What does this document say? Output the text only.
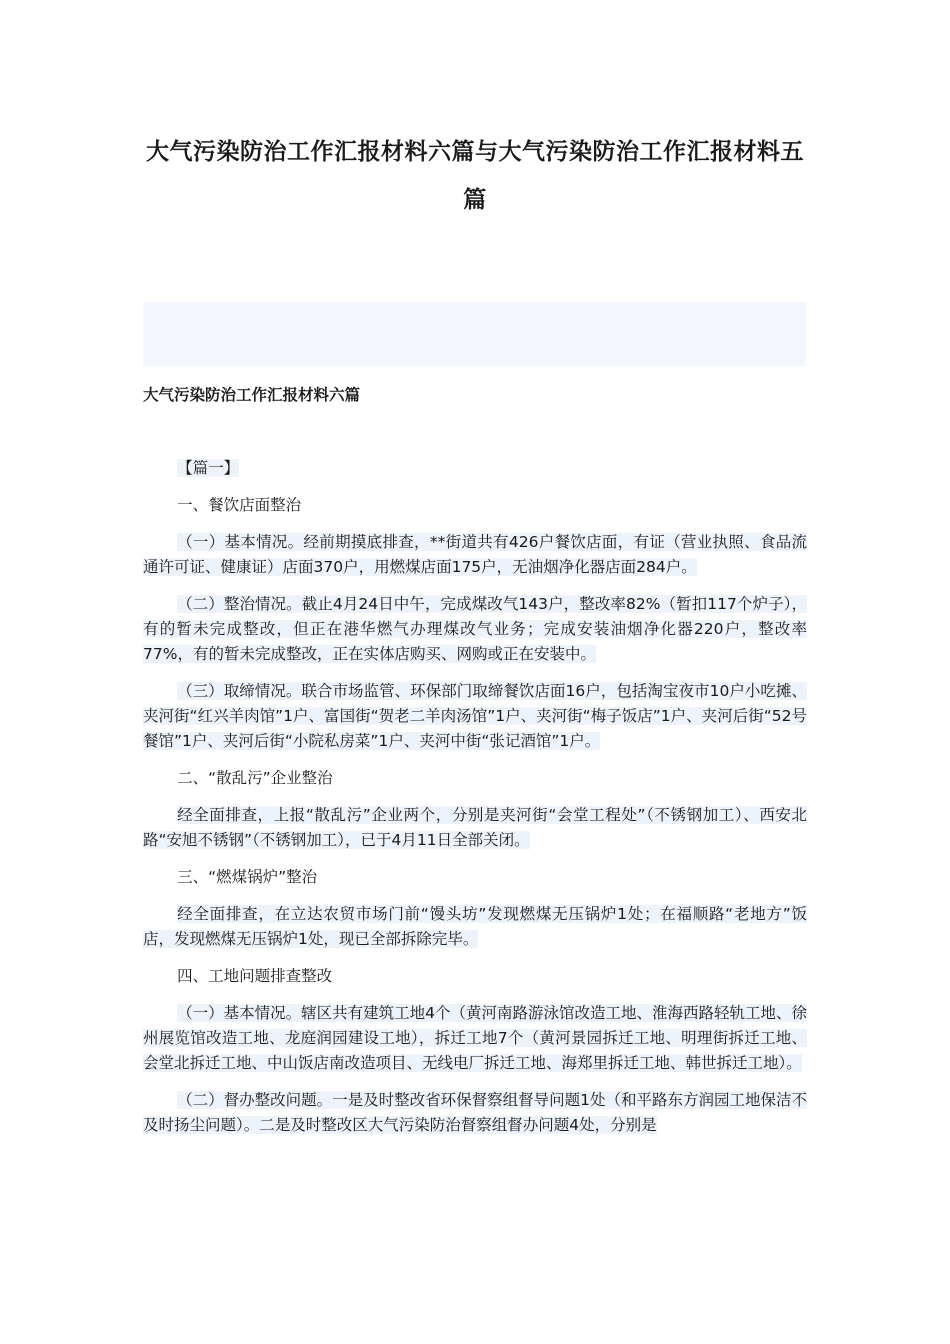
大气污染防治工作汇报材料六篇与大气污染防治工作汇报材料五篇
大气污染防治工作汇报材料六篇

【篇一】

一、餐饮店面整治

（一）基本情况。经前期摸底排查，**街道共有426户餐饮店面，有证（营业执照、食品流通许可证、健康证）店面370户，用燃煤店面175户，无油烟净化器店面284户。

（二）整治情况。截止4月24日中午，完成煤改气143户，整改率82%（暂扣117个炉子），有的暂未完成整改，但正在港华燃气办理煤改气业务；完成安装油烟净化器220户，整改率77%，有的暂未完成整改，正在实体店购买、网购或正在安装中。

（三）取缔情况。联合市场监管、环保部门取缔餐饮店面16户，包括淘宝夜市10户小吃摊、夹河街“红兴羊肉馆”1户、富国街“贺老二羊肉汤馆”1户、夹河街“梅子饭店”1户、夹河后街“52号餐馆”1户、夹河后街“小院私房菜”1户、夹河中街“张记酒馆”1户。

二、“散乱污”企业整治

经全面排查，上报“散乱污”企业两个，分别是夹河街“会堂工程处”（不锈钢加工）、西安北路“安旭不锈钢”（不锈钢加工），已于4月11日全部关闭。

三、“燃煤锅炉”整治

经全面排查，在立达农贸市场门前“馒头坊”发现燃煤无压锅炉1处；在福顺路“老地方”饭店，发现燃煤无压锅炉1处，现已全部拆除完毕。

四、工地问题排查整改

（一）基本情况。辖区共有建筑工地4个（黄河南路游泳馆改造工地、淮海西路轻轨工地、徐州展览馆改造工地、龙庭润园建设工地），拆迁工地7个（黄河景园拆迁工地、明理街拆迁工地、会堂北拆迁工地、中山饭店南改造项目、无线电厂拆迁工地、海郑里拆迁工地、韩世拆迁工地）。

（二）督办整改问题。一是及时整改省环保督察组督导问题1处（和平路东方润园工地保洁不及时扬尘问题）。二是及时整改区大气污染防治督察组督办问题4处，分别是
